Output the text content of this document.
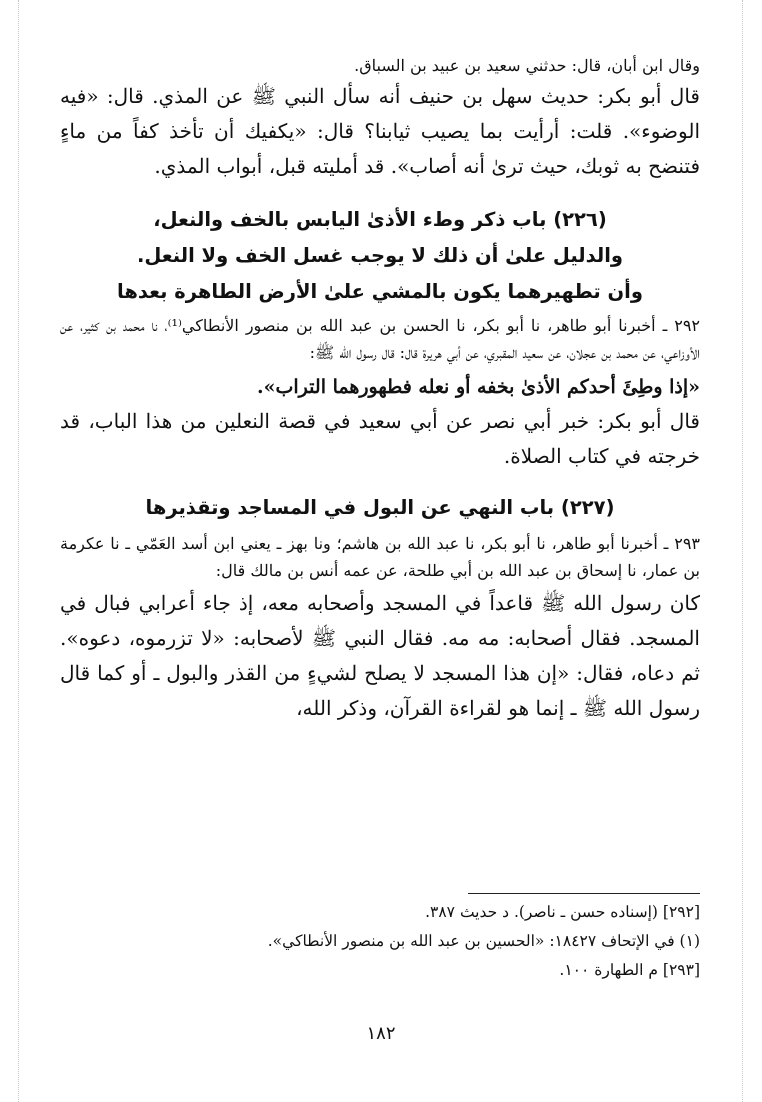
وقال ابن أبان، قال: حدثني سعيد بن عبيد بن السباق.

قال أبو بكر: حديث سهل بن حنيف أنه سأل النبي ﷺ عن المذي. قال: «فيه الوضوء». قلت: أرأيت بما يصيب ثيابنا؟ قال: «يكفيك أن تأخذ كفاً من ماءٍ فتنضح به ثوبك، حيث ترىٰ أنه أصاب». قد أمليته قبل، أبواب المذي.

(٢٢٦) باب ذكر وطء الأذىٰ اليابس بالخف والنعل،
والدليل علىٰ أن ذلك لا يوجب غسل الخف ولا النعل.
وأن تطهيرهما يكون بالمشي علىٰ الأرض الطاهرة بعدها

٢٩٢ ـ أخبرنا أبو طاهر، نا أبو بكر، نا الحسن بن عبد الله بن منصور الأنطاكي⁽¹⁾، نا محمد بن كثير، عن الأوزاعي، عن محمد بن عجلان، عن سعيد المقبري، عن أبي هريرة قال: قال رسول الله ﷺ:

«إذا وطِئَ أحدكم الأذىٰ بخفه أو نعله فطهورهما التراب».

قال أبو بكر: خبر أبي نصر عن أبي سعيد في قصة النعلين من هذا الباب، قد خرجته في كتاب الصلاة.

(٢٢٧) باب النهي عن البول في المساجد وتقذيرها

٢٩٣ ـ أخبرنا أبو طاهر، نا أبو بكر، نا عبد الله بن هاشم؛ ونا بهز ـ يعني ابن أسد العَمّي ـ نا عكرمة بن عمار، نا إسحاق بن عبد الله بن أبي طلحة، عن عمه أنس بن مالك قال:

كان رسول الله ﷺ قاعداً في المسجد وأصحابه معه، إذ جاء أعرابي فبال في المسجد. فقال أصحابه: مه مه. فقال النبي ﷺ لأصحابه: «لا تزرموه، دعوه». ثم دعاه، فقال: «إن هذا المسجد لا يصلح لشيءٍ من القذر والبول ـ أو كما قال رسول الله ﷺ ـ إنما هو لقراءة القرآن، وذكر الله،

[٢٩٢] (إسناده حسن ـ ناصر). د حديث ٣٨٧.

(١) في الإتحاف ١٨٤٢٧: «الحسين بن عبد الله بن منصور الأنطاكي».

[٢٩٣] م الطهارة ١٠٠.

١٨٢
